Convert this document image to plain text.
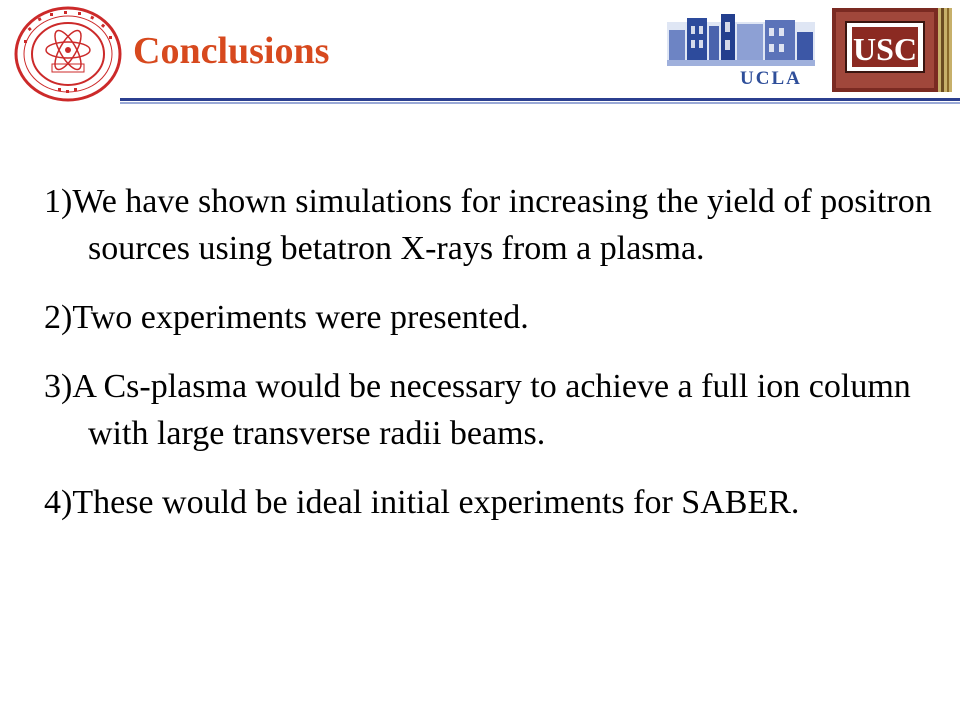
Conclusions
UCLA
USC
1)We have shown simulations for increasing the yield of positron sources using betatron X-rays from a plasma.
2)Two experiments were presented.
3)A Cs-plasma would be necessary to achieve a full ion column with large transverse radii beams.
4)These would be ideal initial experiments for SABER.
